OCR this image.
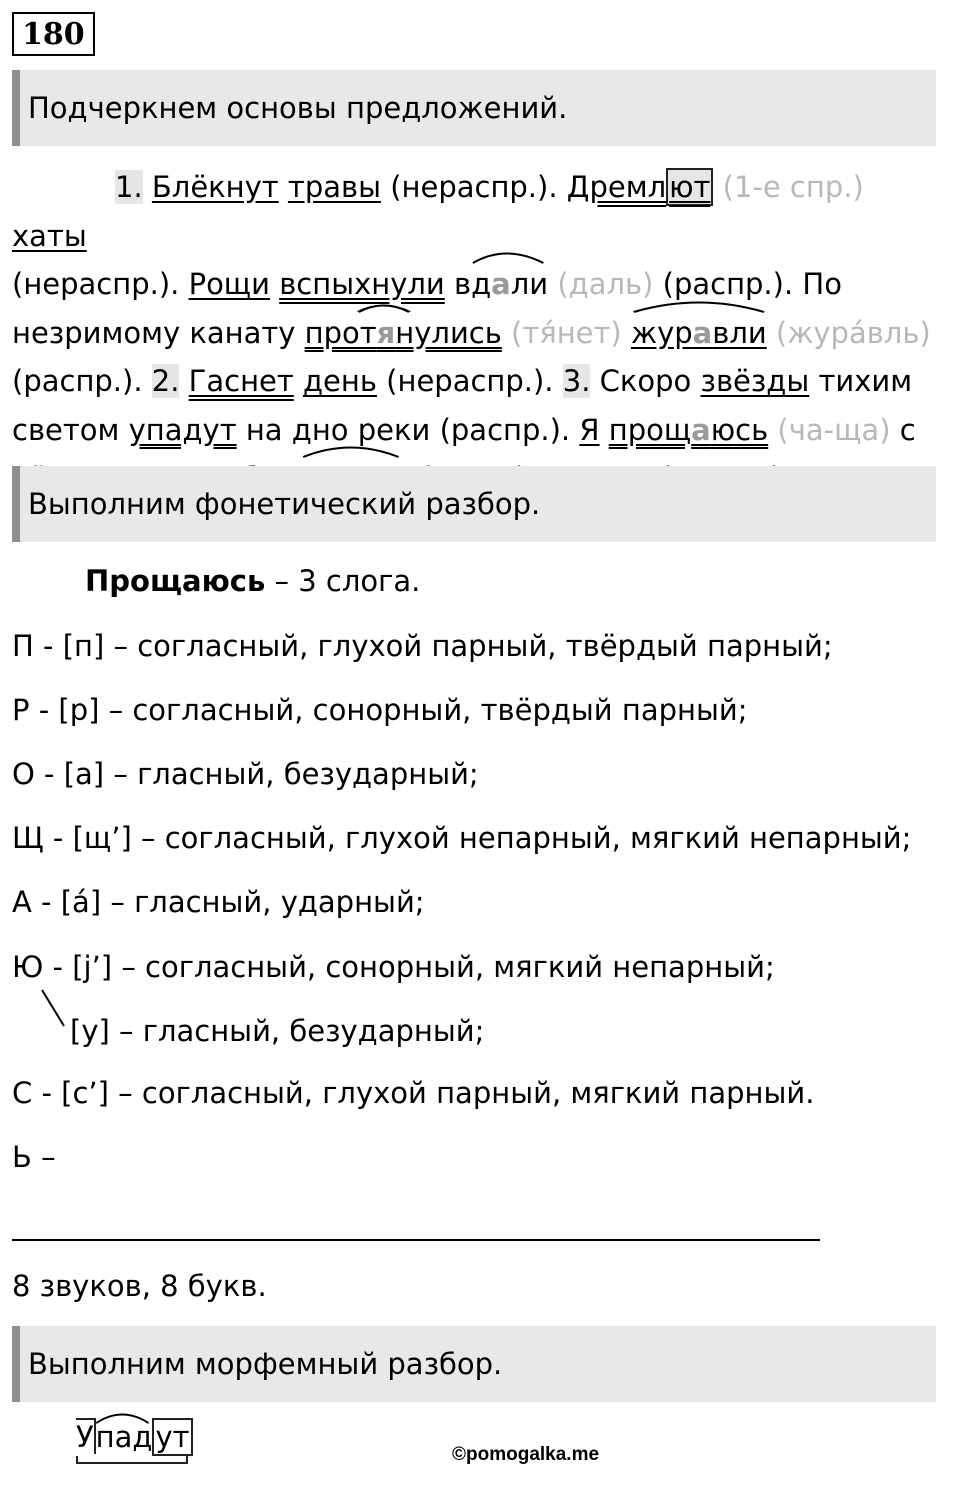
180
Подчеркнем основы предложений.
1. Блёкнут травы (нераспр.). Дремл ют (1-е спр.) хаты
(нераспр.). Рощи вспыхнули вдали (даль) (распр.). По
незримому канату
протянулись (тя́нет)
журавли (жура́вль)
(распр.). 2. Гаснет день (нераспр.). 3. Скоро звёзды тихим
светом упадут на дно реки (распр.). Я прощаюсь (ча-ща) с
Выполним фонетический разбор.
Прощаюсь – 3 слога.
П - [п] – согласный, глухой парный, твёрдый парный;
Р - [р] – согласный, сонорный, твёрдый парный;
О - [а] – гласный, безударный;
Щ - [щ’] – согласный, глухой непарный, мягкий непарный;
А - [á] – гласный, ударный;
Ю - [j’] – согласный, сонорный, мягкий непарный;
[у] – гласный, безударный;
С - [с’] – согласный, глухой парный, мягкий парный.
Ь –
8 звуков, 8 букв.
Выполним морфемный разбор.
У
пад ут
©pomogalka.me
